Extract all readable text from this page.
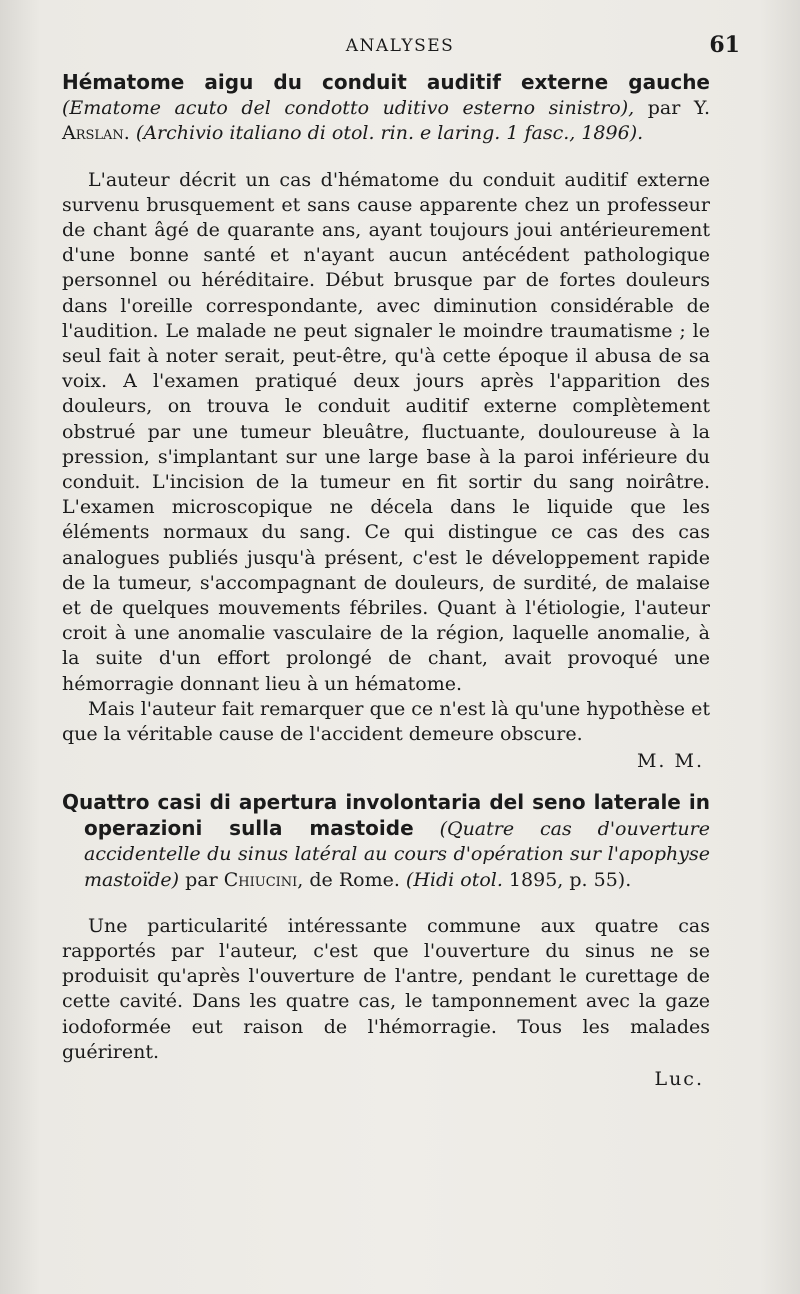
ANALYSES	61
Hématome aigu du conduit auditif externe gauche (Ematome acuto del condotto uditivo esterno sinistro), par Y. Arslan. (Archivio italiano di otol. rin. e laring. 1 fasc., 1896).

L'auteur décrit un cas d'hématome du conduit auditif externe survenu brusquement et sans cause apparente chez un professeur de chant âgé de quarante ans, ayant toujours joui antérieurement d'une bonne santé et n'ayant aucun antécédent pathologique personnel ou héréditaire. Début brusque par de fortes douleurs dans l'oreille correspondante, avec diminution considérable de l'audition. Le malade ne peut signaler le moindre traumatisme ; le seul fait à noter serait, peut-être, qu'à cette époque il abusa de sa voix. A l'examen pratiqué deux jours après l'apparition des douleurs, on trouva le conduit auditif externe complètement obstrué par une tumeur bleuâtre, fluctuante, douloureuse à la pression, s'implantant sur une large base à la paroi inférieure du conduit. L'incision de la tumeur en fit sortir du sang noirâtre. L'examen microscopique ne décela dans le liquide que les éléments normaux du sang. Ce qui distingue ce cas des cas analogues publiés jusqu'à présent, c'est le développement rapide de la tumeur, s'accompagnant de douleurs, de surdité, de malaise et de quelques mouvements fébriles. Quant à l'étiologie, l'auteur croit à une anomalie vasculaire de la région, laquelle anomalie, à la suite d'un effort prolongé de chant, avait provoqué une hémorragie donnant lieu à un hématome.

Mais l'auteur fait remarquer que ce n'est là qu'une hypothèse et que la véritable cause de l'accident demeure obscure.

M. M.
Quattro casi di apertura involontaria del seno laterale in operazioni sulla mastoide (Quatre cas d'ouverture accidentelle du sinus latéral au cours d'opération sur l'apophyse mastoïde) par Chiucini, de Rome. (Hidi otol. 1895, p. 55).

Une particularité intéressante commune aux quatre cas rapportés par l'auteur, c'est que l'ouverture du sinus ne se produisit qu'après l'ouverture de l'antre, pendant le curettage de cette cavité. Dans les quatre cas, le tamponnement avec la gaze iodoformée eut raison de l'hémorragie. Tous les malades guérirent.

Luc.
